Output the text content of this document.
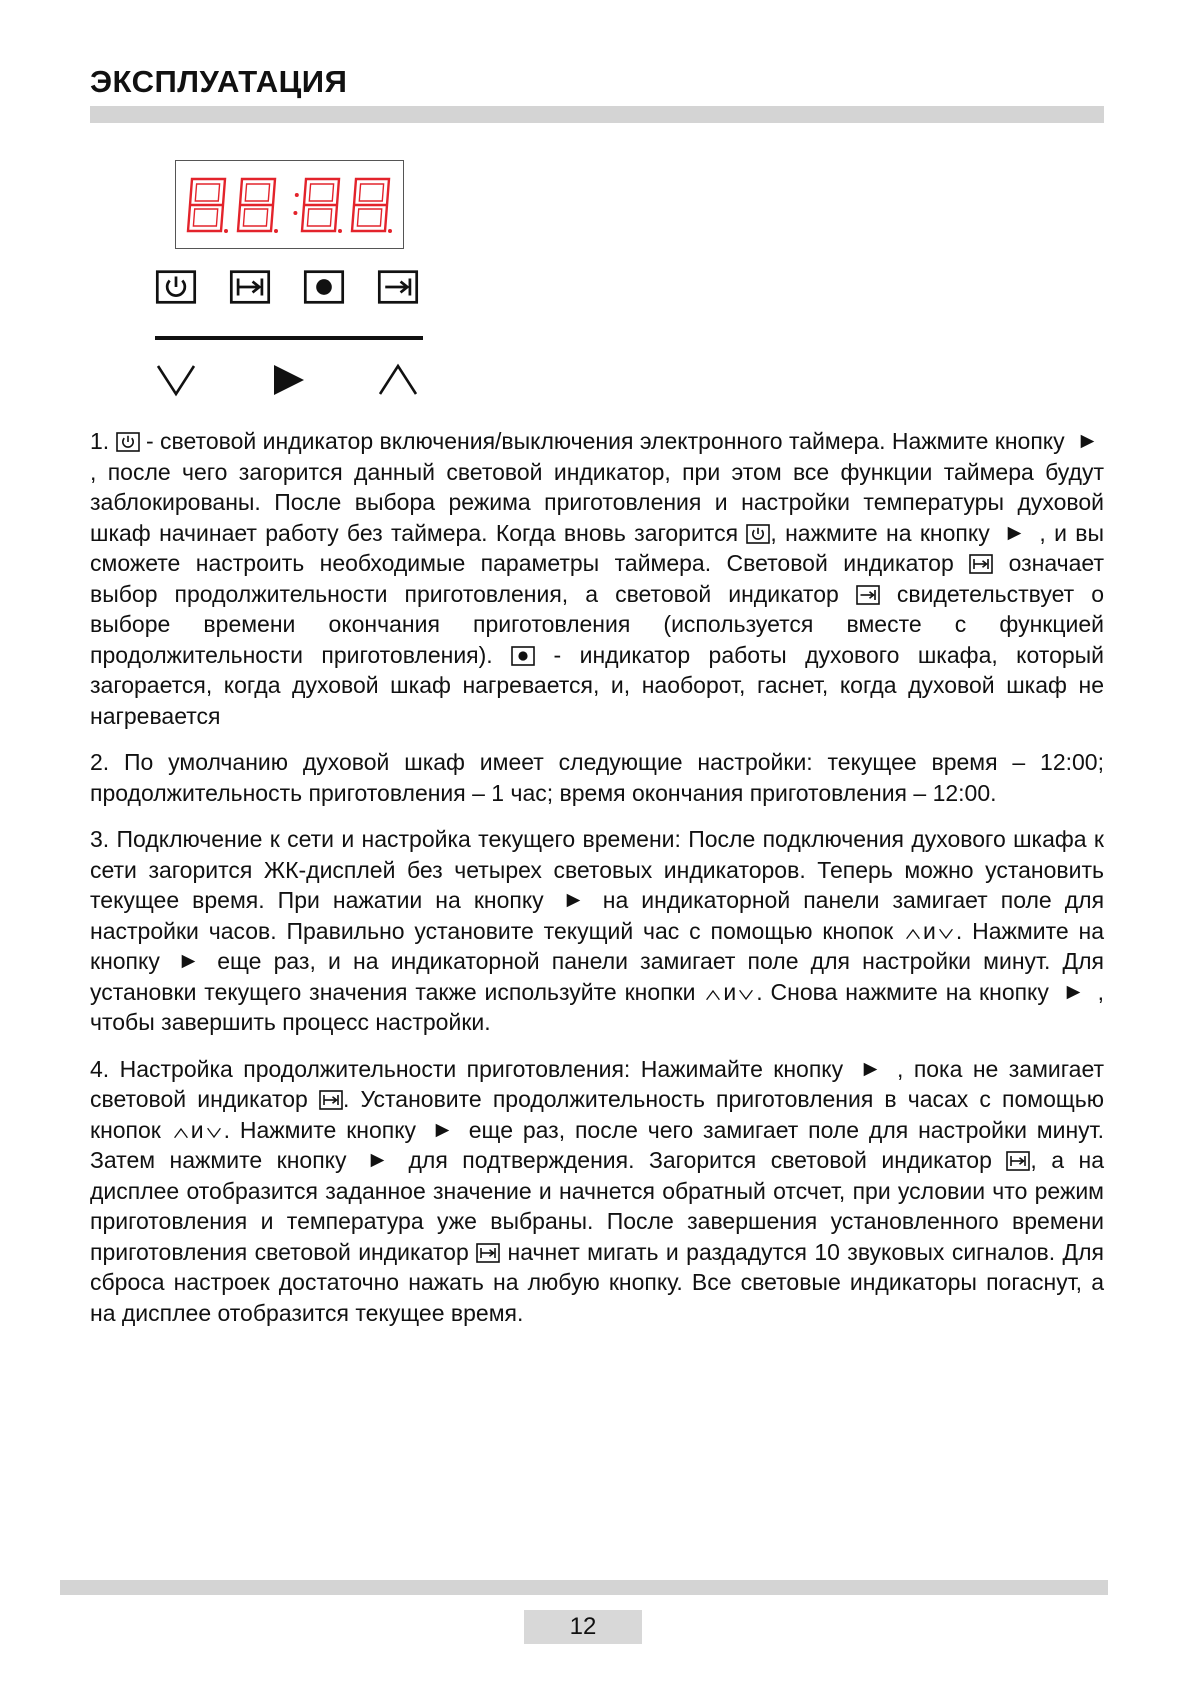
ЭКСПЛУАТАЦИЯ

1. - световой индикатор включения/выключения электронного таймера. Нажмите кнопку  , после чего загорится данный световой индикатор, при этом все функции таймера будут заблокированы. После выбора режима приготовления и настройки температуры духовой шкаф начинает работу без таймера. Когда вновь загорится , нажмите на кнопку , и вы сможете настроить необходимые параметры таймера. Световой индикатор означает выбор продолжительности приготовления, а световой индикатор	свидетельствует о выборе времени окончания приготовления (используется вместе с функцией продолжительности приготовления).	- индикатор работы духового шкафа, который загорается, когда духовой шкаф нагревается, и, наоборот, гаснет, когда духовой шкаф не нагревается

2. По умолчанию духовой шкаф имеет следующие настройки: текущее время – 12:00; продолжительность приготовления – 1 час; время окончания приготовления – 12:00.

3. Подключение к сети и настройка текущего времени: После подключения духового шкафа к сети загорится ЖК-дисплей без четырех световых индикаторов. Теперь можно установить текущее время. При нажатии на кнопку	на индикаторной панели замигает поле для настройки часов. Правильно установите текущий час с помощью кнопок и . Нажмите на кнопку еще раз, и на индикаторной панели замигает поле для настройки минут. Для установки текущего значения также используйте кнопки и . Снова нажмите на кнопку , чтобы завершить процесс настройки.

4. Настройка продолжительности приготовления: Нажимайте кнопку , пока не замигает световой индикатор . Установите продолжительность приготовления в часах с помощью кнопок и . Нажмите кнопку еще раз, после чего замигает поле для настройки минут. Затем нажмите кнопку	для подтверждения. Загорится световой индикатор , а на дисплее отобразится заданное значение и начнется обратный отсчет, при условии что режим приготовления и температура уже выбраны. После завершения установленного времени приготовления световой индикатор начнет мигать и раздадутся 10 звуковых сигналов. Для сброса настроек достаточно нажать на любую кнопку. Все световые индикаторы погаснут, а на дисплее отобразится текущее время.

12
